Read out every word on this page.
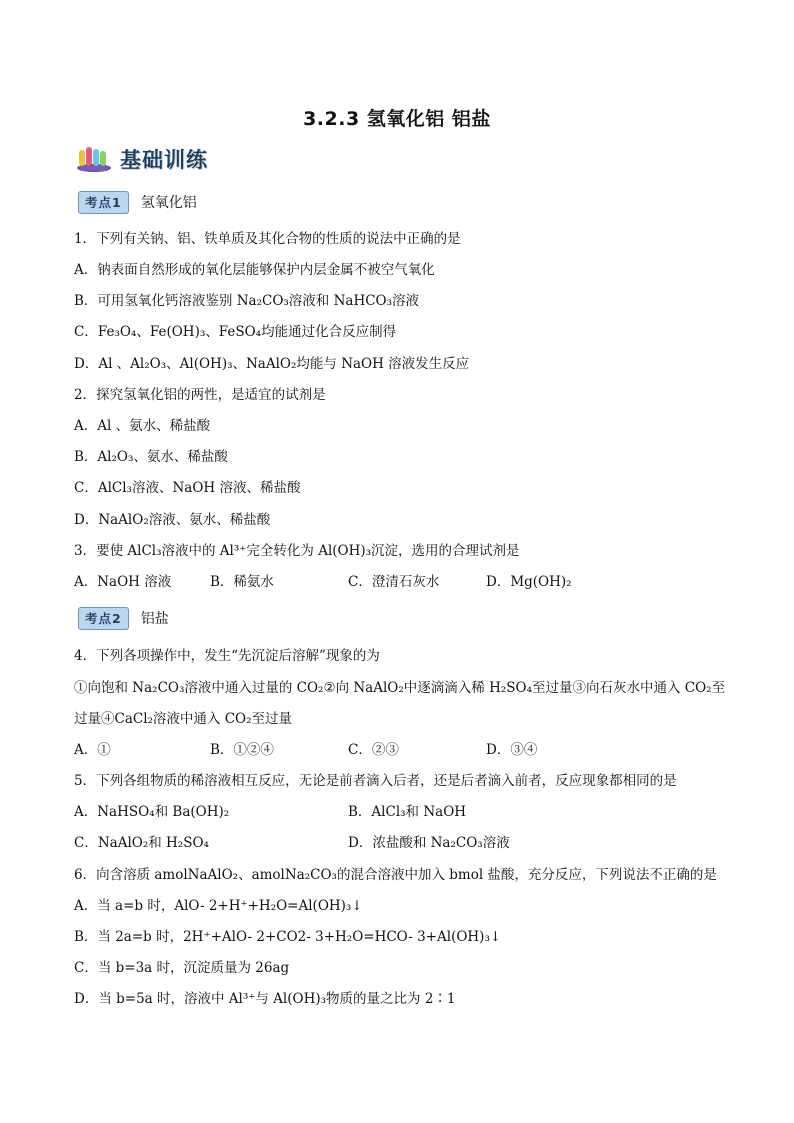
3.2.3 氢氧化铝 铝盐
基础训练
考点1	氢氧化铝
1．下列有关钠、铝、铁单质及其化合物的性质的说法中正确的是
A．钠表面自然形成的氧化层能够保护内层金属不被空气氧化
B．可用氢氧化钙溶液鉴别 Na₂CO₃溶液和 NaHCO₃溶液
C．Fe₃O₄、Fe(OH)₃、FeSO₄均能通过化合反应制得
D．Al 、Al₂O₃、Al(OH)₃、NaAlO₂均能与 NaOH 溶液发生反应
2．探究氢氧化铝的两性，是适宜的试剂是
A．Al 、氨水、稀盐酸
B．Al₂O₃、氨水、稀盐酸
C．AlCl₃溶液、NaOH 溶液、稀盐酸
D．NaAlO₂溶液、氨水、稀盐酸
3．要使 AlCl₃溶液中的 Al³⁺完全转化为 Al(OH)₃沉淀，选用的合理试剂是
A．NaOH 溶液	B．稀氨水	C．澄清石灰水	D．Mg(OH)₂
考点2	铝盐
4．下列各项操作中，发生“先沉淀后溶解”现象的为
①向饱和 Na₂CO₃溶液中通入过量的 CO₂②向 NaAlO₂中逐滴滴入稀 H₂SO₄至过量③向石灰水中通入 CO₂至
过量④CaCl₂溶液中通入 CO₂至过量
A．①	B．①②④	C．②③	D．③④
5．下列各组物质的稀溶液相互反应，无论是前者滴入后者，还是后者滴入前者，反应现象都相同的是
A．NaHSO₄和 Ba(OH)₂	B．AlCl₃和 NaOH
C．NaAlO₂和 H₂SO₄	D．浓盐酸和 Na₂CO₃溶液
6．向含溶质 amolNaAlO₂、amolNa₂CO₃的混合溶液中加入 bmol 盐酸，充分反应，下列说法不正确的是
A．当 a=b 时，AlO- 2+H⁺+H₂O=Al(OH)₃↓
B．当 2a=b 时，2H⁺+AlO- 2+CO2- 3+H₂O=HCO- 3+Al(OH)₃↓
C．当 b=3a 时，沉淀质量为 26ag
D．当 b=5a 时，溶液中 Al³⁺与 Al(OH)₃物质的量之比为 2∶1
